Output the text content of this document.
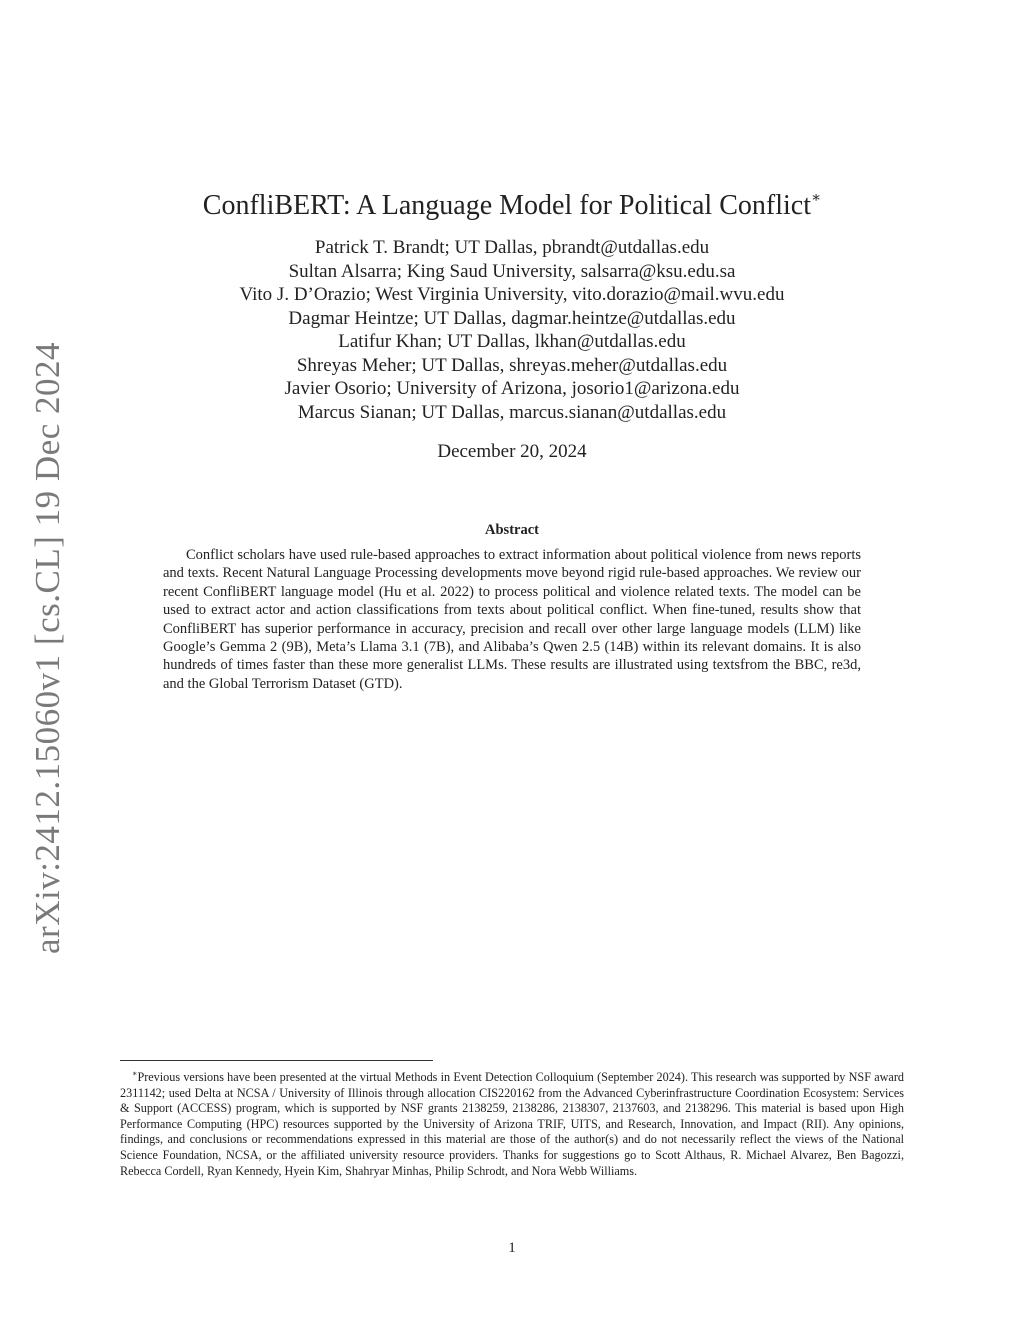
arXiv:2412.15060v1 [cs.CL] 19 Dec 2024
ConfliBERT: A Language Model for Political Conflict∗
Patrick T. Brandt; UT Dallas, pbrandt@utdallas.edu
Sultan Alsarra; King Saud University, salsarra@ksu.edu.sa
Vito J. D’Orazio; West Virginia University, vito.dorazio@mail.wvu.edu
Dagmar Heintze; UT Dallas, dagmar.heintze@utdallas.edu
Latifur Khan; UT Dallas, lkhan@utdallas.edu
Shreyas Meher; UT Dallas, shreyas.meher@utdallas.edu
Javier Osorio; University of Arizona, josorio1@arizona.edu
Marcus Sianan; UT Dallas, marcus.sianan@utdallas.edu
December 20, 2024
Abstract

Conflict scholars have used rule-based approaches to extract information about political violence from news reports and texts. Recent Natural Language Processing developments move beyond rigid rule-based approaches. We review our recent ConfliBERT language model (Hu et al. 2022) to process political and violence related texts. The model can be used to extract actor and action classifications from texts about political conflict. When fine-tuned, results show that ConfliBERT has superior performance in accuracy, precision and recall over other large language models (LLM) like Google’s Gemma 2 (9B), Meta’s Llama 3.1 (7B), and Alibaba’s Qwen 2.5 (14B) within its relevant domains. It is also hundreds of times faster than these more generalist LLMs. These results are illustrated using textsfrom the BBC, re3d, and the Global Terrorism Dataset (GTD).

∗Previous versions have been presented at the virtual Methods in Event Detection Colloquium (September 2024). This research was supported by NSF award 2311142; used Delta at NCSA / University of Illinois through allocation CIS220162 from the Advanced Cyberinfrastructure Coordination Ecosystem: Services & Support (ACCESS) program, which is supported by NSF grants 2138259, 2138286, 2138307, 2137603, and 2138296. This material is based upon High Performance Computing (HPC) resources supported by the University of Arizona TRIF, UITS, and Research, Innovation, and Impact (RII). Any opinions, findings, and conclusions or recommendations expressed in this material are those of the author(s) and do not necessarily reflect the views of the National Science Foundation, NCSA, or the affiliated university resource providers. Thanks for suggestions go to Scott Althaus, R. Michael Alvarez, Ben Bagozzi, Rebecca Cordell, Ryan Kennedy, Hyein Kim, Shahryar Minhas, Philip Schrodt, and Nora Webb Williams.

1
